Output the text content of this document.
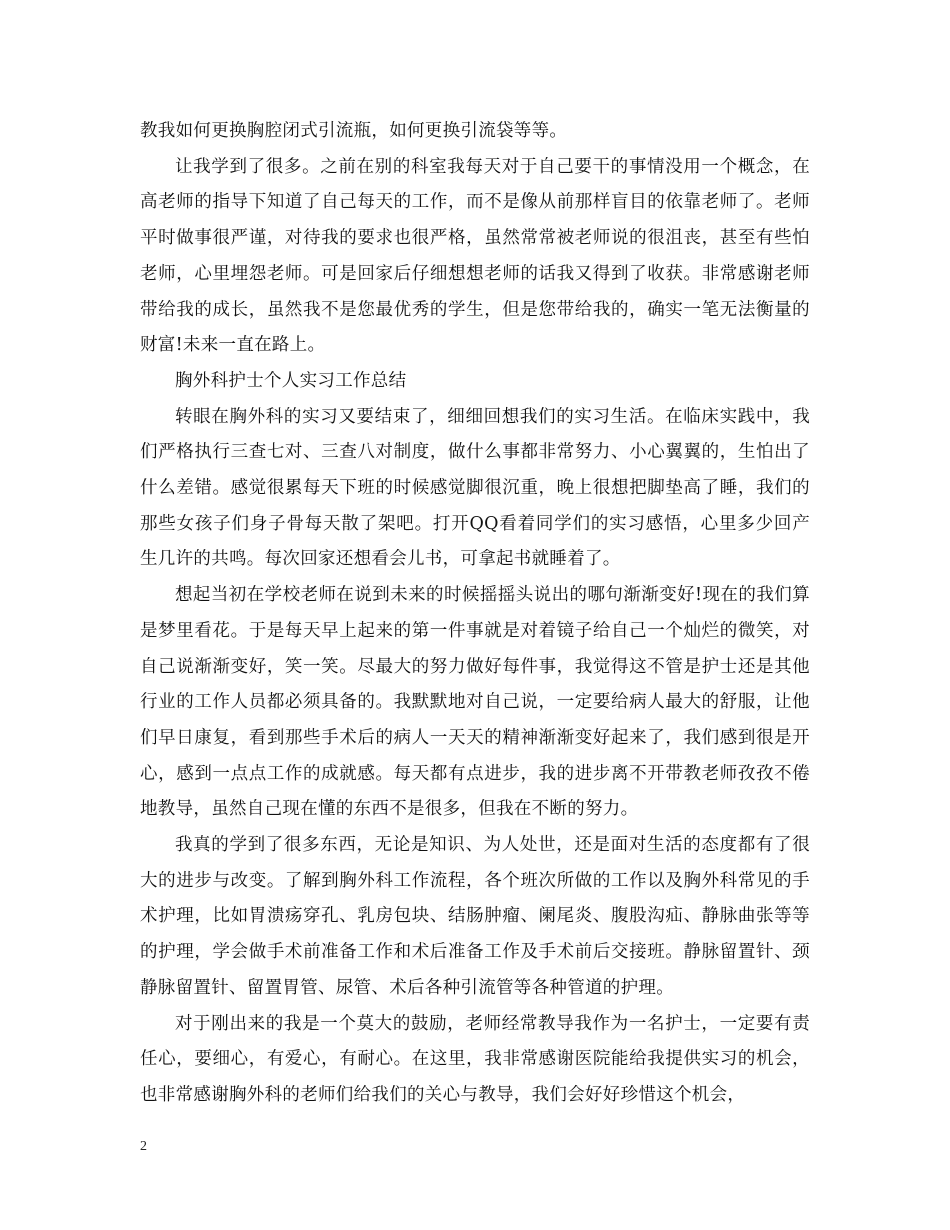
教我如何更换胸腔闭式引流瓶，如何更换引流袋等等。

让我学到了很多。之前在别的科室我每天对于自己要干的事情没用一个概念，在高老师的指导下知道了自己每天的工作，而不是像从前那样盲目的依靠老师了。老师平时做事很严谨，对待我的要求也很严格，虽然常常被老师说的很沮丧，甚至有些怕老师，心里埋怨老师。可是回家后仔细想想老师的话我又得到了收获。非常感谢老师带给我的成长，虽然我不是您最优秀的学生，但是您带给我的，确实一笔无法衡量的财富!未来一直在路上。

胸外科护士个人实习工作总结

转眼在胸外科的实习又要结束了，细细回想我们的实习生活。在临床实践中，我们严格执行三查七对、三查八对制度，做什么事都非常努力、小心翼翼的，生怕出了什么差错。感觉很累每天下班的时候感觉脚很沉重，晚上很想把脚垫高了睡，我们的那些女孩子们身子骨每天散了架吧。打开QQ看着同学们的实习感悟，心里多少回产生几许的共鸣。每次回家还想看会儿书，可拿起书就睡着了。

想起当初在学校老师在说到未来的时候摇摇头说出的哪句渐渐变好!现在的我们算是梦里看花。于是每天早上起来的第一件事就是对着镜子给自己一个灿烂的微笑，对自己说渐渐变好，笑一笑。尽最大的努力做好每件事，我觉得这不管是护士还是其他行业的工作人员都必须具备的。我默默地对自己说，一定要给病人最大的舒服，让他们早日康复，看到那些手术后的病人一天天的精神渐渐变好起来了，我们感到很是开心，感到一点点工作的成就感。每天都有点进步，我的进步离不开带教老师孜孜不倦地教导，虽然自己现在懂的东西不是很多，但我在不断的努力。

我真的学到了很多东西，无论是知识、为人处世，还是面对生活的态度都有了很大的进步与改变。了解到胸外科工作流程，各个班次所做的工作以及胸外科常见的手术护理，比如胃溃疡穿孔、乳房包块、结肠肿瘤、阑尾炎、腹股沟疝、静脉曲张等等的护理，学会做手术前准备工作和术后准备工作及手术前后交接班。静脉留置针、颈静脉留置针、留置胃管、尿管、术后各种引流管等各种管道的护理。

对于刚出来的我是一个莫大的鼓励，老师经常教导我作为一名护士，一定要有责任心，要细心，有爱心，有耐心。在这里，我非常感谢医院能给我提供实习的机会，也非常感谢胸外科的老师们给我们的关心与教导，我们会好好珍惜这个机会，

2
